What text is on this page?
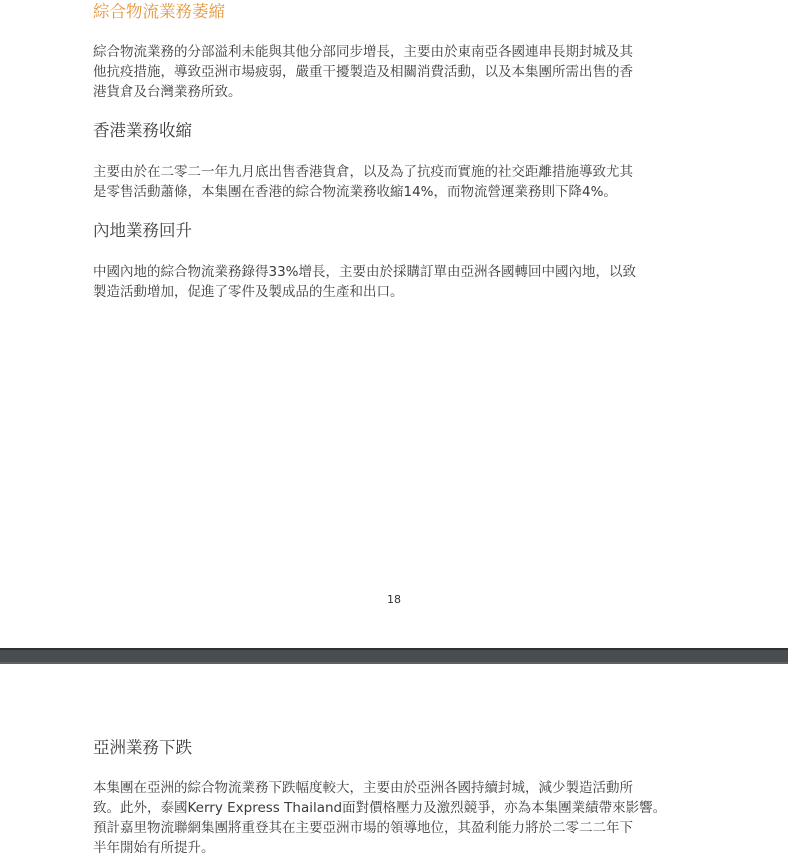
綜合物流業務萎縮

綜合物流業務的分部溢利未能與其他分部同步增長，主要由於東南亞各國連串長期封城及其
他抗疫措施，導致亞洲市場疲弱，嚴重干擾製造及相關消費活動，以及本集團所需出售的香
港貨倉及台灣業務所致。

香港業務收縮

主要由於在二零二一年九月底出售香港貨倉，以及為了抗疫而實施的社交距離措施導致尤其
是零售活動蕭條，本集團在香港的綜合物流業務收縮14%，而物流營運業務則下降4%。

內地業務回升

中國內地的綜合物流業務錄得33%增長，主要由於採購訂單由亞洲各國轉回中國內地，以致
製造活動增加，促進了零件及製成品的生產和出口。

18
亞洲業務下跌

本集團在亞洲的綜合物流業務下跌幅度較大，主要由於亞洲各國持續封城，減少製造活動所
致。此外，泰國Kerry Express Thailand面對價格壓力及激烈競爭，亦為本集團業績帶來影響。
預計嘉里物流聯網集團將重登其在主要亞洲市場的領導地位，其盈利能力將於二零二二年下
半年開始有所提升。
